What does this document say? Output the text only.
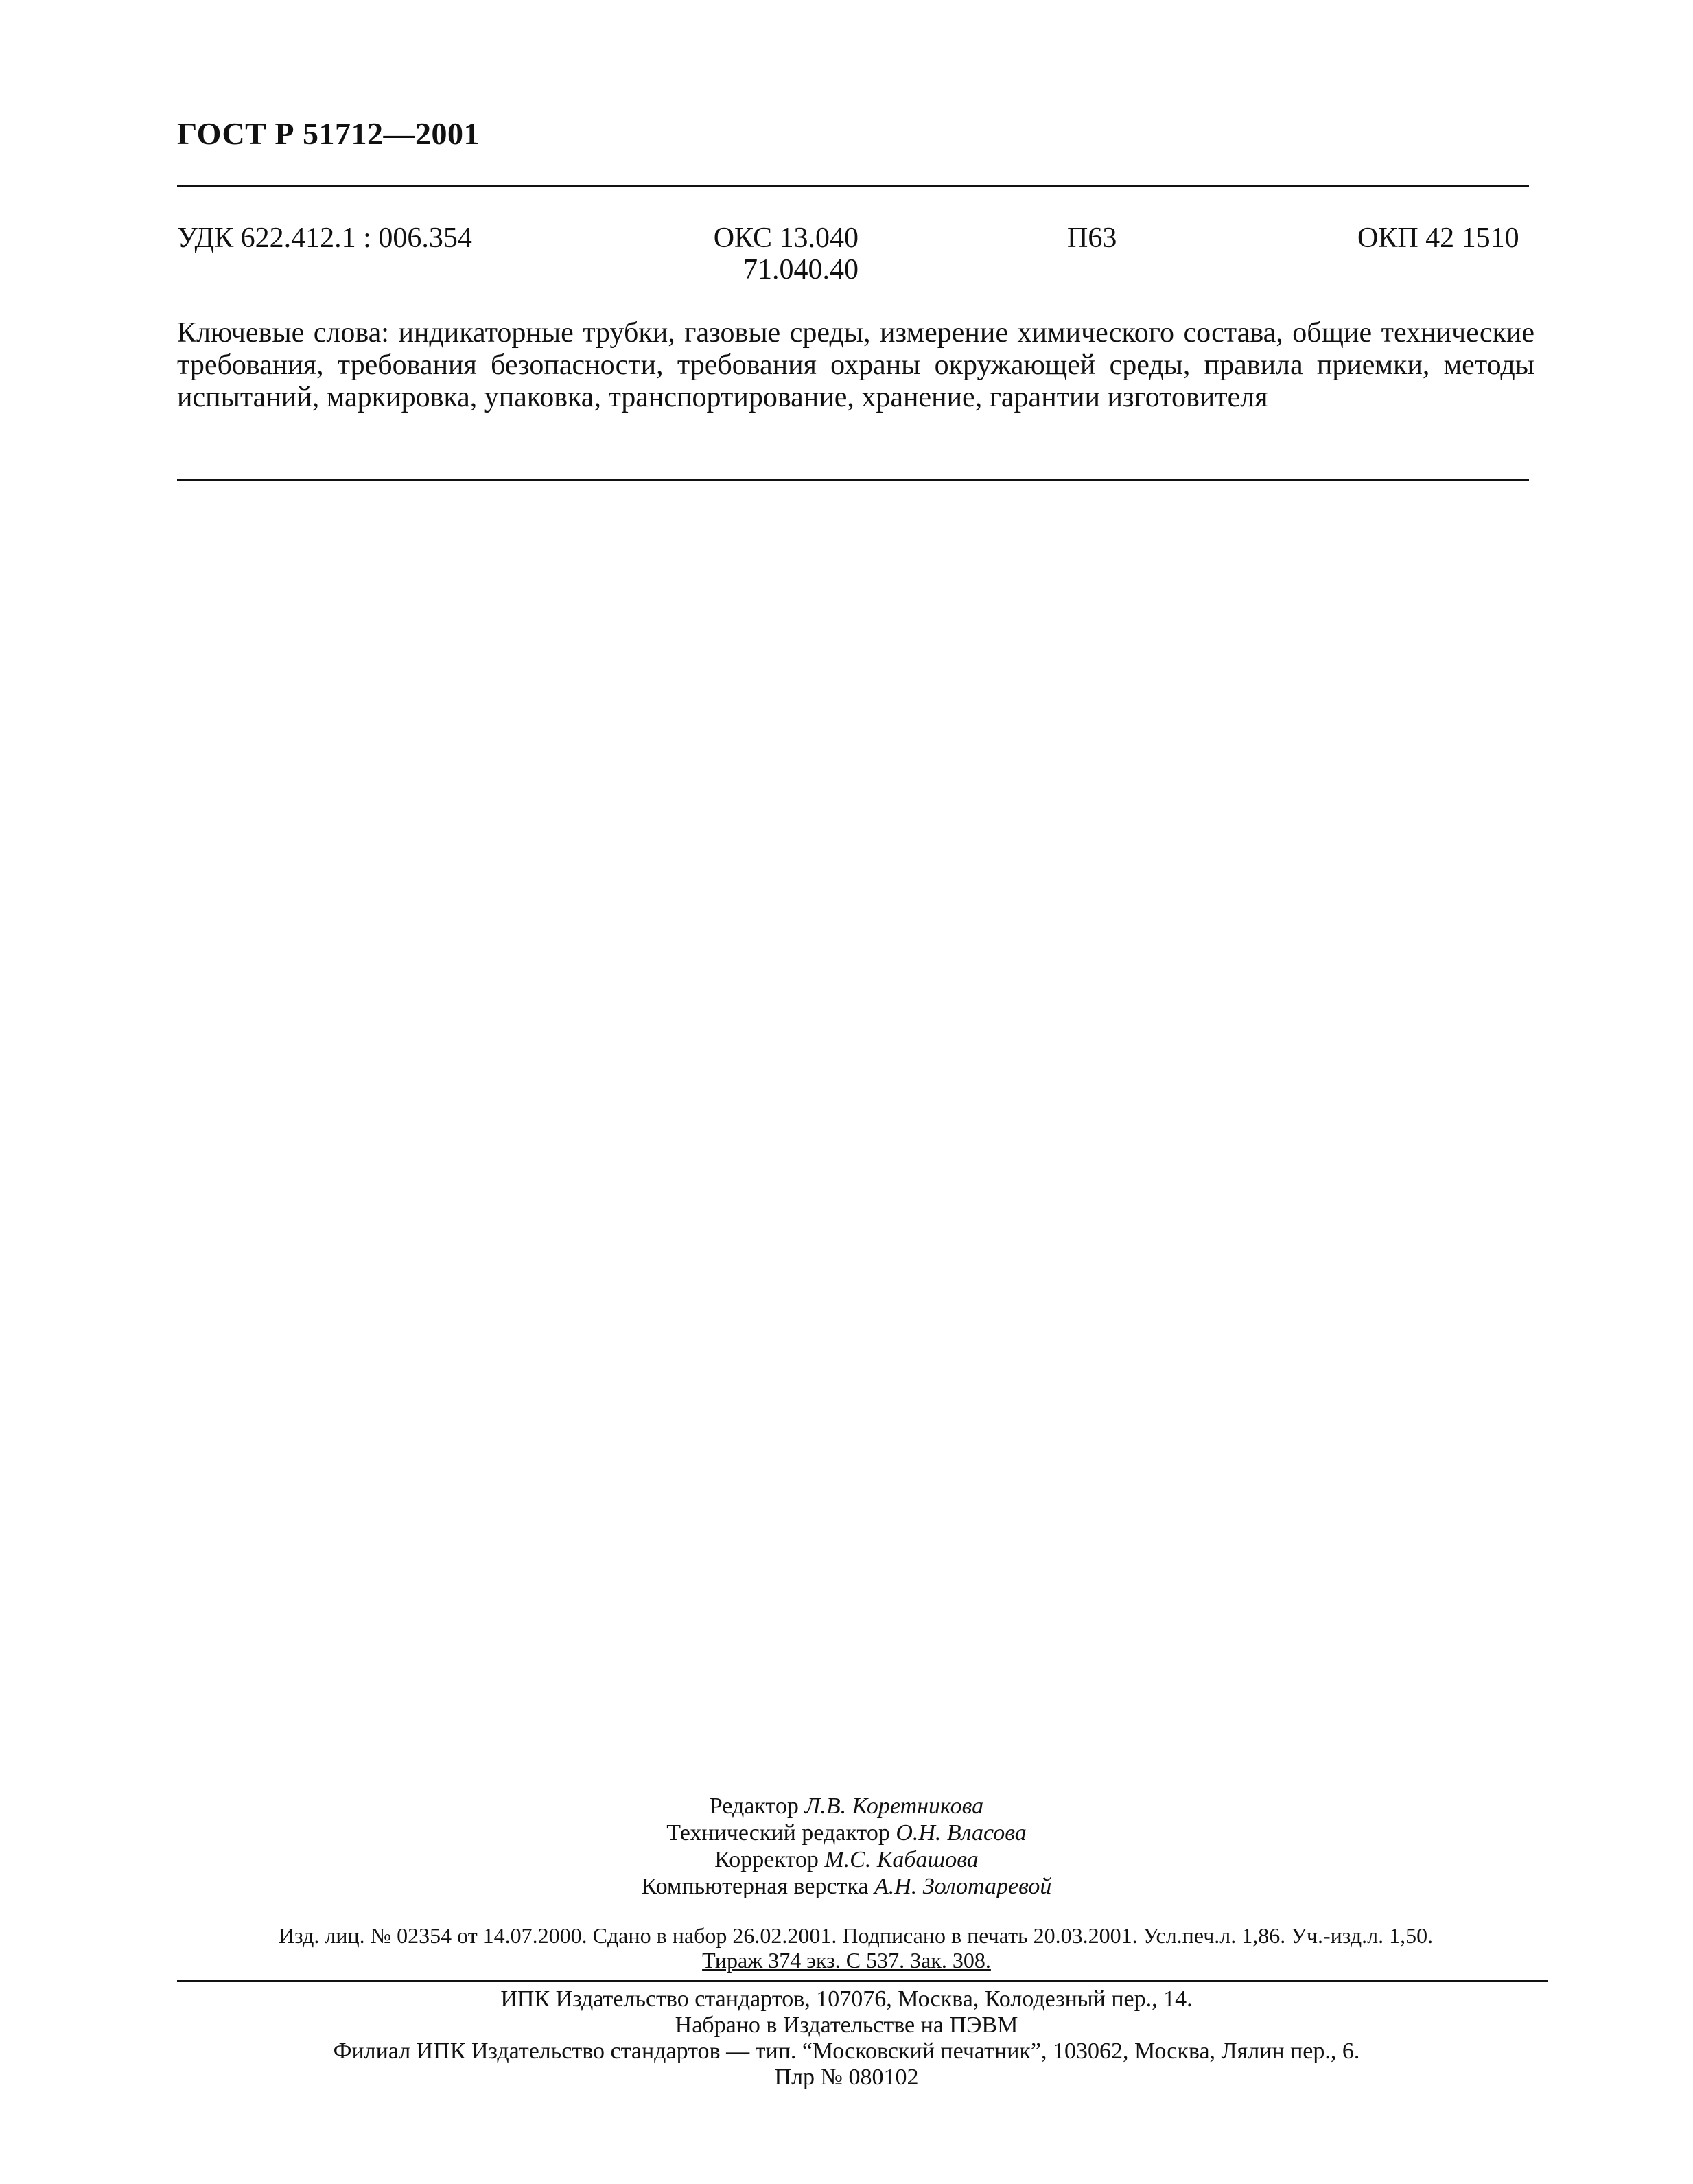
ГОСТ Р 51712—2001
УДК 622.412.1 : 006.354	ОКС 13.040
71.040.40
П63	ОКП 42 1510
Ключевые слова: индикаторные трубки, газовые среды, измерение химического состава, общие технические требования, требования безопасности, требования охраны окружающей среды, правила приемки, методы испытаний, маркировка, упаковка, транспортирование, хранение, гарантии изготовителя
Редактор Л.В. Коретникова
Технический редактор О.Н. Власова
Корректор М.С. Кабашова
Компьютерная верстка А.Н. Золотаревой
Изд. лиц. № 02354 от 14.07.2000. Сдано в набор 26.02.2001. Подписано в печать 20.03.2001. Усл.печ.л. 1,86. Уч.-изд.л. 1,50.
Тираж 374 экз. С 537. Зак. 308.
ИПК Издательство стандартов, 107076, Москва, Колодезный пер., 14.
Набрано в Издательстве на ПЭВМ
Филиал ИПК Издательство стандартов — тип. “Московский печатник”, 103062, Москва, Лялин пер., 6.
Плр № 080102
